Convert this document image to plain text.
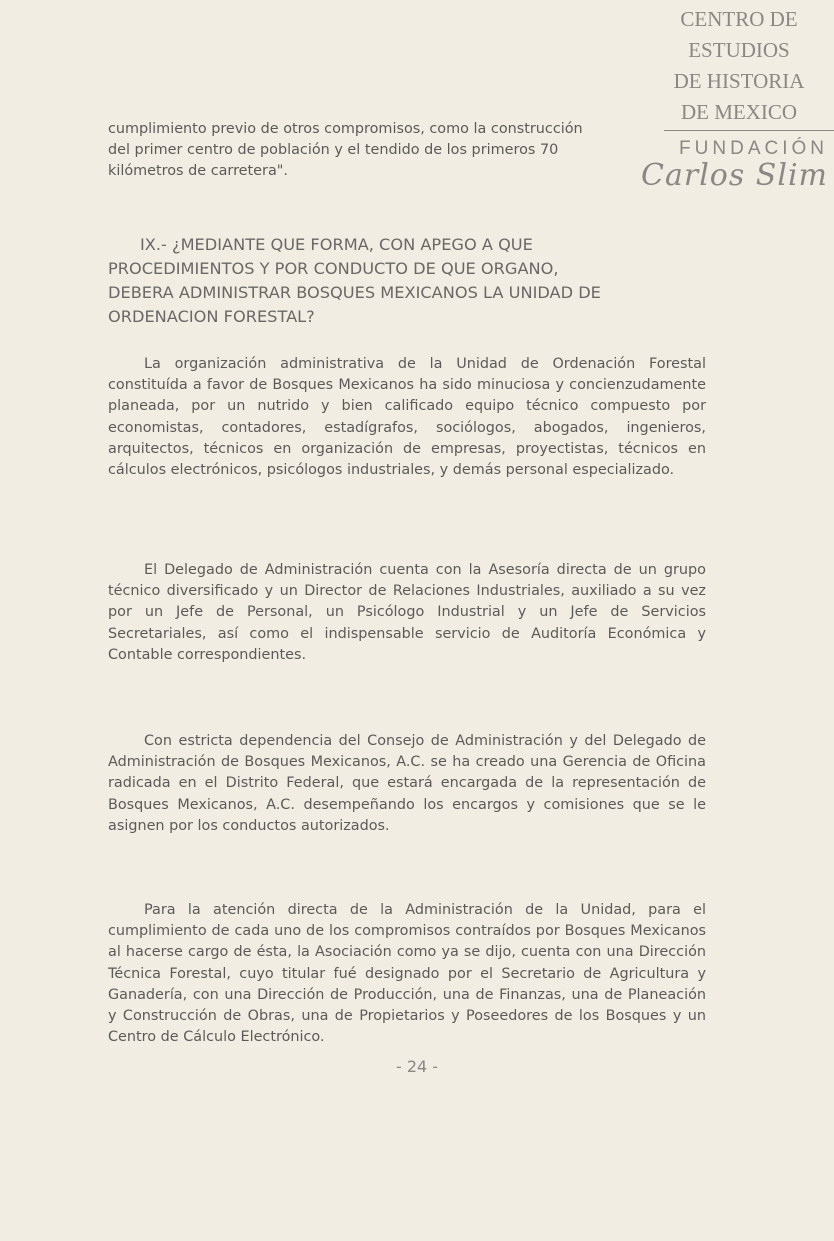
CENTRO DE
ESTUDIOS
DE HISTORIA
DE MEXICO
FUNDACIÓN
Carlos Slim

cumplimiento previo de otros compromisos, como la construcción

del primer centro de población y el tendido de los primeros 70

kilómetros de carretera".

IX.- ¿MEDIANTE QUE FORMA, CON APEGO A QUE
PROCEDIMIENTOS Y POR CONDUCTO DE QUE ORGANO,
DEBERA ADMINISTRAR BOSQUES MEXICANOS LA UNIDAD DE
ORDENACION FORESTAL?

La organización administrativa de la Unidad de Ordenación Forestal constituída a favor de Bosques Mexicanos ha sido minuciosa y concienzudamente planeada, por un nutrido y bien calificado equipo técnico compuesto por economistas, contadores, estadígrafos, sociólogos, abogados, ingenieros, arquitectos, técnicos en organización de empresas, proyectistas, técnicos en cálculos electrónicos, psicólogos industriales, y demás personal especializado.

El Delegado de Administración cuenta con la Asesoría directa de un grupo técnico diversificado y un Director de Relaciones Industriales, auxiliado a su vez por un Jefe de Personal, un Psicólogo Industrial y un Jefe de Servicios Secretariales, así como el indispensable servicio de Auditoría Económica y Contable correspondientes.

Con estricta dependencia del Consejo de Administración y del Delegado de Administración de Bosques Mexicanos, A.C. se ha creado una Gerencia de Oficina radicada en el Distrito Federal, que estará encargada de la representación de Bosques Mexicanos, A.C. desempeñando los encargos y comisiones que se le asignen por los conductos autorizados.

Para la atención directa de la Administración de la Unidad, para el cumplimiento de cada uno de los compromisos contraídos por Bosques Mexicanos al hacerse cargo de ésta, la Asociación como ya se dijo, cuenta con una Dirección Técnica Forestal, cuyo titular fué designado por el Secretario de Agricultura y Ganadería, con una Dirección de Producción, una de Finanzas, una de Planeación y Construcción de Obras, una de Propietarios y Poseedores de los Bosques y un Centro de Cálculo Electrónico.

- 24 -
